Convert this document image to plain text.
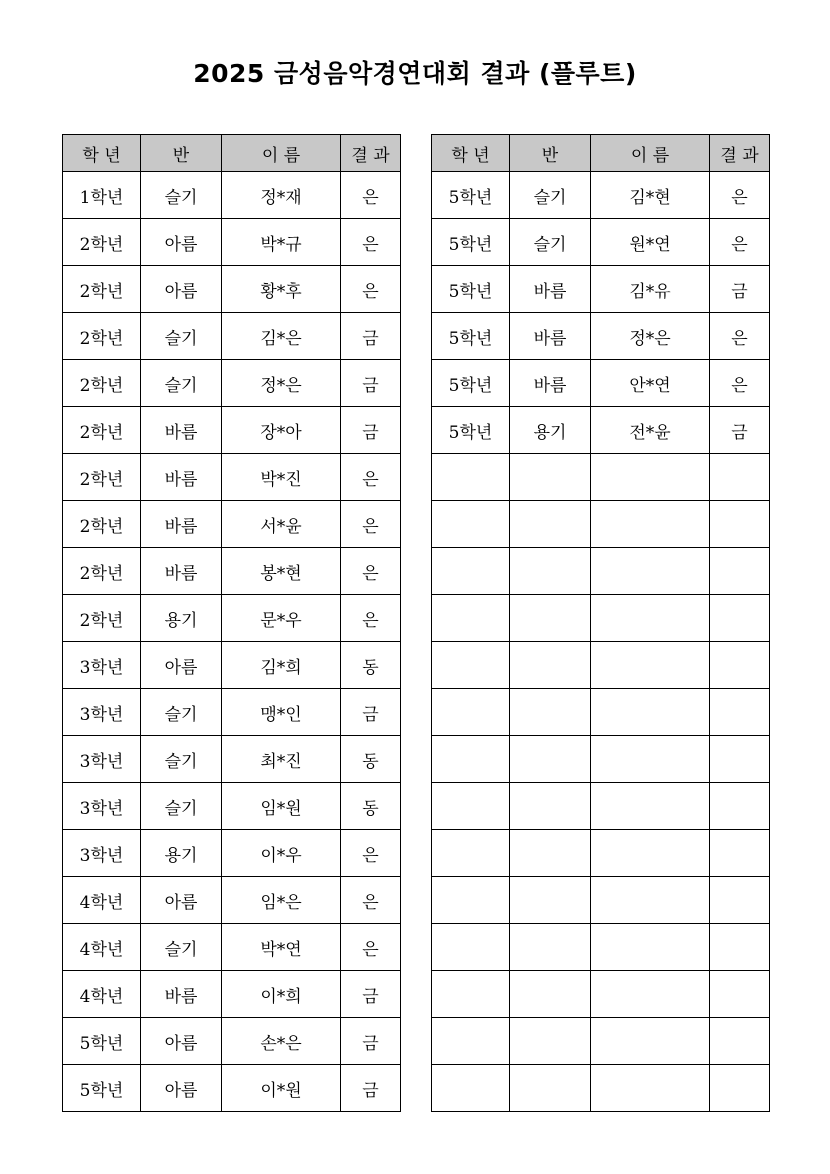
2025 금성음악경연대회 결과 (플루트)
학 년	반	이 름	결 과
1학년	슬기	정*재	은
2학년	아름	박*규	은
2학년	아름	황*후	은
2학년	슬기	김*은	금
2학년	슬기	정*은	금
2학년	바름	장*아	금
2학년	바름	박*진	은
2학년	바름	서*윤	은
2학년	바름	봉*현	은
2학년	용기	문*우	은
3학년	아름	김*희	동
3학년	슬기	맹*인	금
3학년	슬기	최*진	동
3학년	슬기	임*원	동
3학년	용기	이*우	은
4학년	아름	임*은	은
4학년	슬기	박*연	은
4학년	바름	이*희	금
5학년	아름	손*은	금
5학년	아름	이*원	금
학 년	반	이 름	결 과
5학년	슬기	김*현	은
5학년	슬기	원*연	은
5학년	바름	김*유	금
5학년	바름	정*은	은
5학년	바름	안*연	은
5학년	용기	전*윤	금
